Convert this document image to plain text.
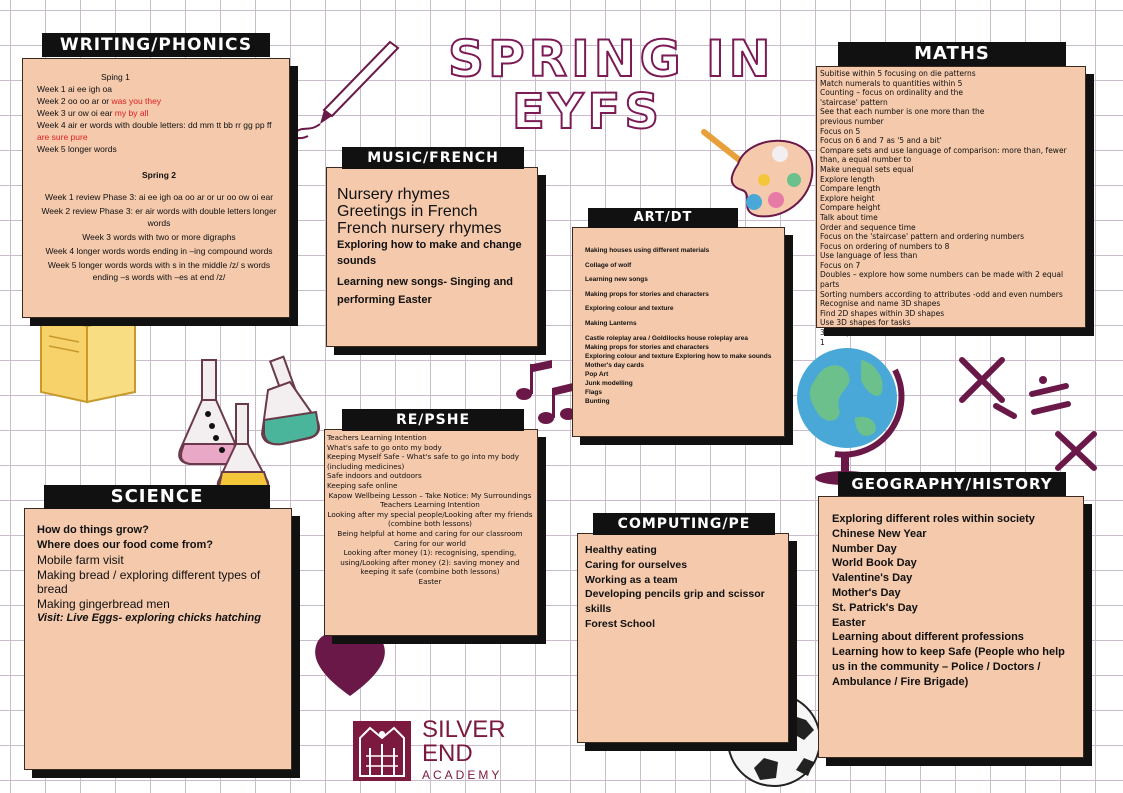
SPRING IN
EYFS
WRITING/PHONICS
Sping 1
Week 1 ai ee igh oa
Week 2 oo oo ar or was you they
Week 3 ur ow oi ear my by all
Week 4 air er words with double letters: dd mm tt bb rr gg pp ff are sure pure
Week 5 longer words
Spring 2
Week 1 review Phase 3: ai ee igh oa oo ar or ur oo ow oi ear
Week 2 review Phase 3: er air words with double letters longer words
Week 3 words with two or more digraphs
Week 4 longer words words ending in –ing compound words
Week 5 longer words words with s in the middle /z/ s words ending –s words with –es at end /z/
MUSIC/FRENCH
Nursery rhymes
Greetings in French
French nursery rhymes
Exploring how to make and change sounds
Learning new songs- Singing and performing Easter
ART/DT
Making houses using different materials
Collage of wolf
Learning new songs
Making props for stories and characters
Exploring colour and texture
Making Lanterns
Castle roleplay area / Goldilocks house roleplay area
Making props for stories and characters
Exploring colour and texture Exploring how to make sounds
Mother's day cards
Pop Art
Junk modelling
Flags
Bunting
MATHS
Subitise within 5 focusing on die patterns
Match numerals to quantities within 5
Counting – focus on ordinality and the 'staircase' pattern
See that each number is one more than the previous number
Focus on 5
Focus on 6 and 7 as '5 and a bit'
Compare sets and use language of comparison: more than, fewer than, a equal number to
Make unequal sets equal
Explore length
Compare length
Explore height
Compare height
Talk about time
Order and sequence time
Focus on the 'staircase' pattern and ordering numbers
Focus on ordering of numbers to 8
Use language of less than
Focus on 7
Doubles – explore how some numbers can be made with 2 equal parts
Sorting numbers according to attributes -odd and even numbers
Recognise and name 3D shapes
Find 2D shapes within 3D shapes
Use 3D shapes for tasks
3D shapes in the environment
1
RE/PSHE
Teachers Learning Intention
What's safe to go onto my body
Keeping Myself Safe - What's safe to go into my body (including medicines)
Safe indoors and outdoors
Keeping safe online
Kapow Wellbeing Lesson – Take Notice: My Surroundings
Teachers Learning Intention
Looking after my special people/Looking after my friends (combine both lessons)
Being helpful at home and caring for our classroom
Caring for our world
Looking after money (1): recognising, spending, using/Looking after money (2): saving money and keeping it safe (combine both lessons)
Easter
SCIENCE
How do things grow?
Where does our food come from?
Mobile farm visit
Making bread / exploring different types of bread
Making gingerbread men
Visit: Live Eggs- exploring chicks hatching
COMPUTING/PE
Healthy eating
Caring for ourselves
Working as a team
Developing pencils grip and scissor skills
Forest School
GEOGRAPHY/HISTORY
Exploring different roles within society
Chinese New Year
Number Day
World Book Day
Valentine's Day
Mother's Day
St. Patrick's Day
Easter
Learning about different professions
Learning how to keep Safe (People who help us in the community – Police / Doctors / Ambulance / Fire Brigade)
SILVER
END
ACADEMY
